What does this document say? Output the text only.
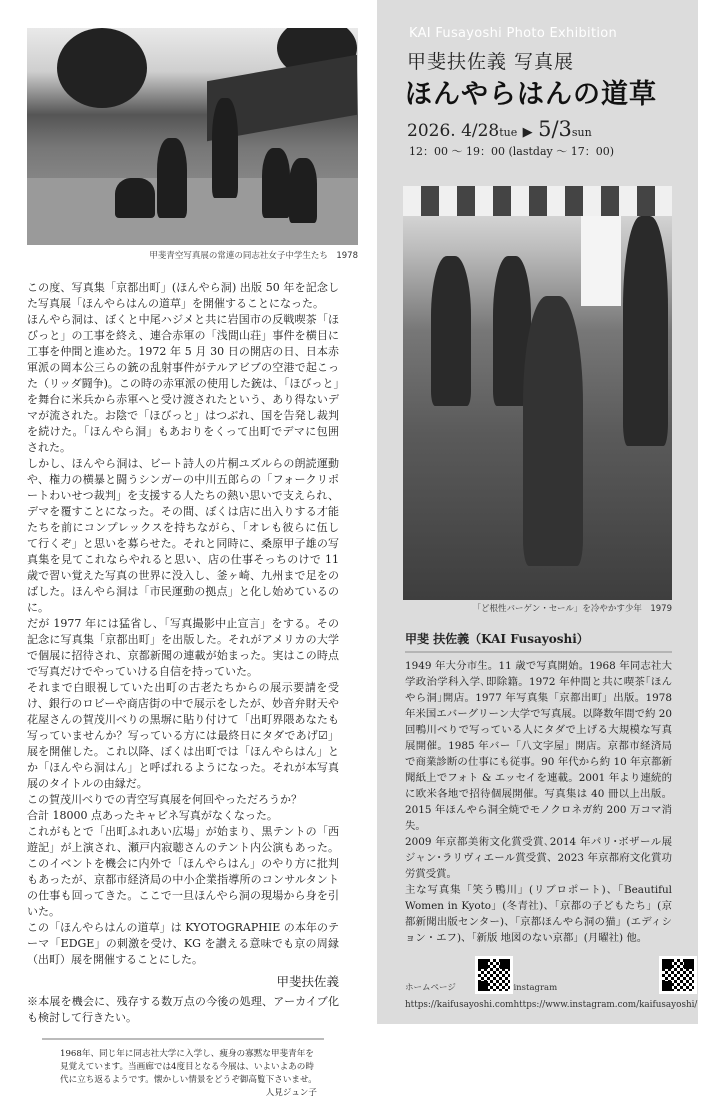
甲斐青空写真展の常連の同志社女子中学生たち　1978

この度、写真集「京都出町」(ほんやら洞) 出版 50 年を記念した写真展「ほんやらはんの道草」を開催することになった。

ほんやら洞は、ぼくと中尾ハジメと共に岩国市の反戦喫茶「ほびっと」の工事を終え、連合赤軍の「浅間山荘」事件を横目に工事を仲間と進めた。1972 年 5 月 30 日の開店の日、日本赤軍派の岡本公三らの銃の乱射事件がテルアビブの空港で起こった（リッダ闘争)。この時の赤軍派の使用した銃は、「ほびっと」を舞台に米兵から赤軍へと受け渡されたという、あり得ないデマが流された。お陰で「ほびっと」はつぶれ、国を告発し裁判を続けた。「ほんやら洞」もあおりをくって出町でデマに包囲された。

しかし、ほんやら洞は、ビート詩人の片桐ユズルらの朗読運動や、権力の横暴と闘うシンガーの中川五郎らの「フォークリポートわいせつ裁判」を支援する人たちの熱い思いで支えられ、デマを覆すことになった。その間、ぼくは店に出入りする才能たちを前にコンプレックスを持ちながら、「オレも彼らに伍して行くぞ」と思いを募らせた。それと同時に、桑原甲子雄の写真集を見てこれならやれると思い、店の仕事そっちのけで 11 歳で習い覚えた写真の世界に没入し、釜ヶ崎、九州まで足をのばした。ほんやら洞は「市民運動の拠点」と化し始めているのに。

だが 1977 年には猛省し、「写真撮影中止宣言」をする。その記念に写真集「京都出町」を出版した。それがアメリカの大学で個展に招待され、京都新聞の連載が始まった。実はこの時点で写真だけでやっていける自信を持っていた。

それまで白眼視していた出町の古老たちからの展示要請を受け、銀行のロビーや商店街の中で展示をしたが、妙音弁財天や花屋さんの賀茂川べりの黒塀に貼り付けて「出町界隈あなたも写っていませんか？写っている方には最終日にタダであげ☑」展を開催した。これ以降、ぼくは出町では「ほんやらはん」とか「ほんやら洞はん」と呼ばれるようになった。それが本写真展のタイトルの由縁だ。

この賀茂川べりでの青空写真展を何回やっただろうか？

合計 18000 点あったキャビネ写真がなくなった。

これがもとで「出町ふれあい広場」が始まり、黒テントの「西遊記」が上演され、瀬戸内寂聴さんのテント内公演もあった。このイベントを機会に内外で「ほんやらはん」のやり方に批判もあったが、京都市経済局の中小企業指導所のコンサルタントの仕事も回ってきた。ここで一旦ほんやら洞の現場から身を引いた。

この「ほんやらはんの道草」は KYOTOGRAPHIE の本年のテーマ「EDGE」の刺激を受け、KG を讃える意味でも京の周縁（出町）展を開催することにした。

甲斐扶佐義

※本展を機会に、残存する数万点の今後の処理、アーカイブ化も検討して行きたい。

1968年、同じ年に同志社大学に入学し、痩身の寡黙な甲斐青年を見覚えています。当画廊では4度目となる今展は、いよいよあの時代に立ち返るようです。懐かしい情景をどうぞ御高覧下さいませ。
人見ジュン子
KAI Fusayoshi Photo Exhibition
甲斐扶佐義 写真展
ほんやらはんの道草
2026. 4/28tue ▶ 5/3sun
12：00 〜 19：00 (lastday 〜 17：00)
「ど根性バーゲン・セール」を冷やかす少年　1979
甲斐 扶佐義（KAI Fusayoshi）

1949 年大分市生。11 歳で写真開始。1968 年同志社大学政治学科入学､即除籍。1972 年仲間と共に喫茶｢ほんやら洞｣開店。1977 年写真集「京都出町」出版。1978 年米国エバーグリーン大学で写真展。以降数年間で約 20 回鴨川べりで写っている人にタダで上げる大規模な写真展開催。1985 年バー「八文字屋」開店。京都市経済局で商業診断の仕事にも従事。90 年代から約 10 年京都新聞紙上でフォト & エッセイを連載。2001 年より連続的に欧米各地で招待個展開催。写真集は 40 冊以上出版。2015 年ほんやら洞全焼でモノクロネガ約 200 万コマ消失。

2009 年京都美術文化賞受賞､2014 年パリ･ボザール展ジャン･ラリヴィエール賞受賞、2023 年京都府文化賞功労賞受賞。

主な写真集「笑う鴨川」(リブロポート)、「Beautiful Women in Kyoto」(冬青社)、「京都の子どもたち」(京都新聞出版センター)、「京都ほんやら洞の猫」(エディション・エフ)、「新版 地図のない京都」(月曜社) 他。

ホームページ
https://kaifusayoshi.com
instagram
https://www.instagram.com/kaifusayoshi/
